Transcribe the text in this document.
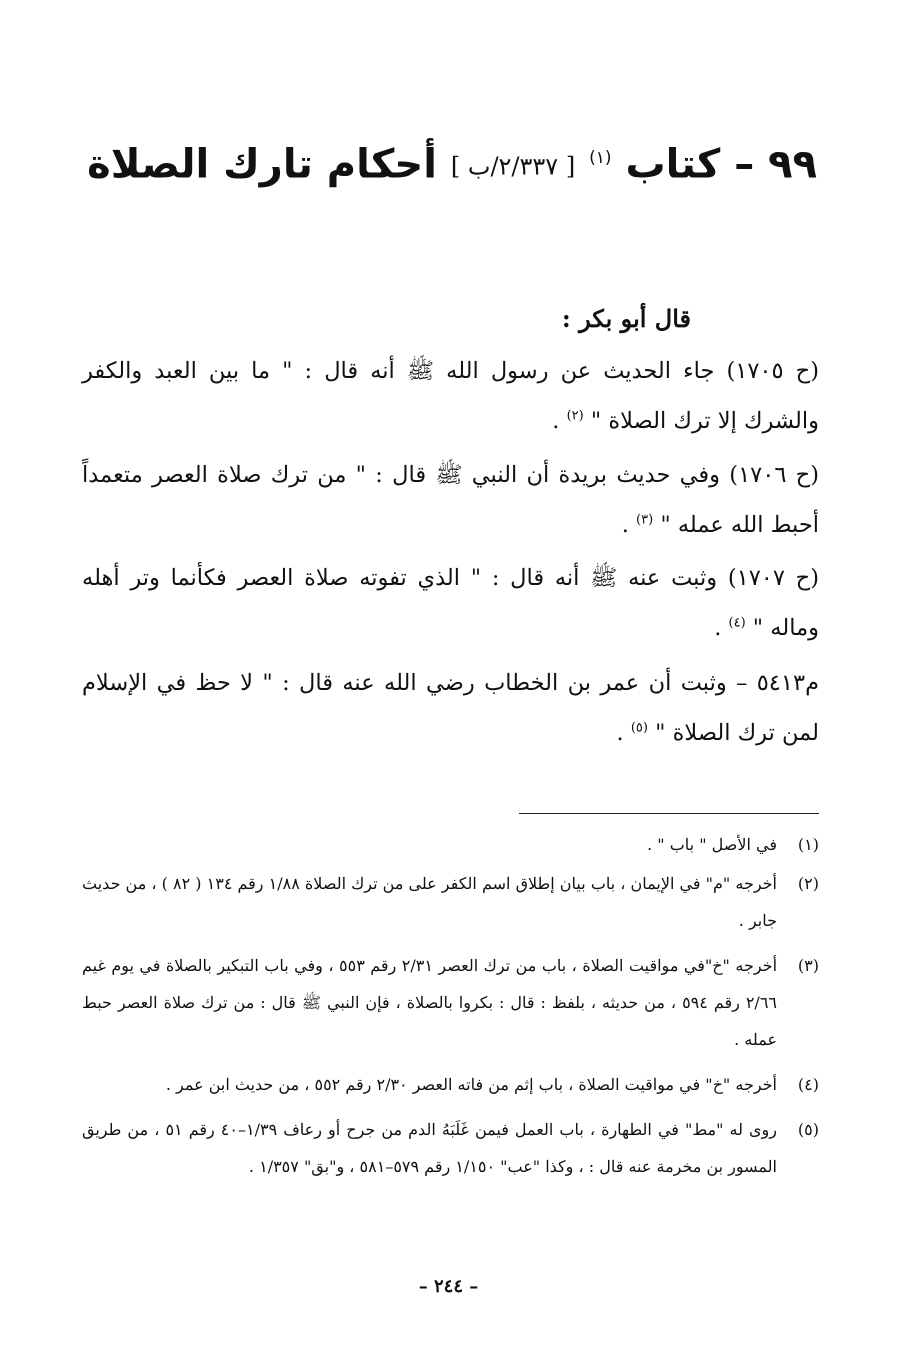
٩٩ – كتاب $^{(١)}$ [ ٢/٣٣٧/ب ] أحكام تارك الصلاة
قال أبو بكر :

(ح ١٧٠٥) جاء الحديث عن رسول الله ﷺ أنه قال : " ما بين العبد والكفر والشرك إلا ترك الصلاة " $^{(٢)}$ .

(ح ١٧٠٦) وفي حديث بريدة أن النبي ﷺ قال : " من ترك صلاة العصر متعمداً أحبط الله عمله " $^{(٣)}$ .

(ح ١٧٠٧) وثبت عنه ﷺ أنه قال : " الذي تفوته صلاة العصر فكأنما وتر أهله وماله " $^{(٤)}$ .

م٥٤١٣ – وثبت أن عمر بن الخطاب رضي الله عنه قال : " لا حظ في الإسلام لمن ترك الصلاة " $^{(٥)}$ .

(١)
في الأصل " باب " .
(٢)
أخرجه "م" في الإيمان ، باب بيان إطلاق اسم الكفر على من ترك الصلاة ١/٨٨ رقم ١٣٤ ( ٨٢ ) ، من حديث جابر .
(٣)
أخرجه "خ"في مواقيت الصلاة ، باب من ترك العصر ٢/٣١ رقم ٥٥٣ ، وفي باب التبكير بالصلاة في يوم غيم ٢/٦٦ رقم ٥٩٤ ، من حديثه ، بلفظ : قال : بكروا بالصلاة ، فإن النبي ﷺ قال : من ترك صلاة العصر حبط عمله .
(٤)
أخرجه "خ" في مواقيت الصلاة ، باب إثم من فاته العصر ٢/٣٠ رقم ٥٥٢ ، من حديث ابن عمر .
(٥)
روى له "مط" في الطهارة ، باب العمل فيمن غَلَبَهُ الدم من جرح أو رعاف ١/٣٩–٤٠ رقم ٥١ ، من طريق المسور بن مخرمة عنه قال : ، وكذا "عب" ١/١٥٠ رقم ٥٧٩–٥٨١ ، و"بق" ١/٣٥٧ .
– ٢٤٤ –
